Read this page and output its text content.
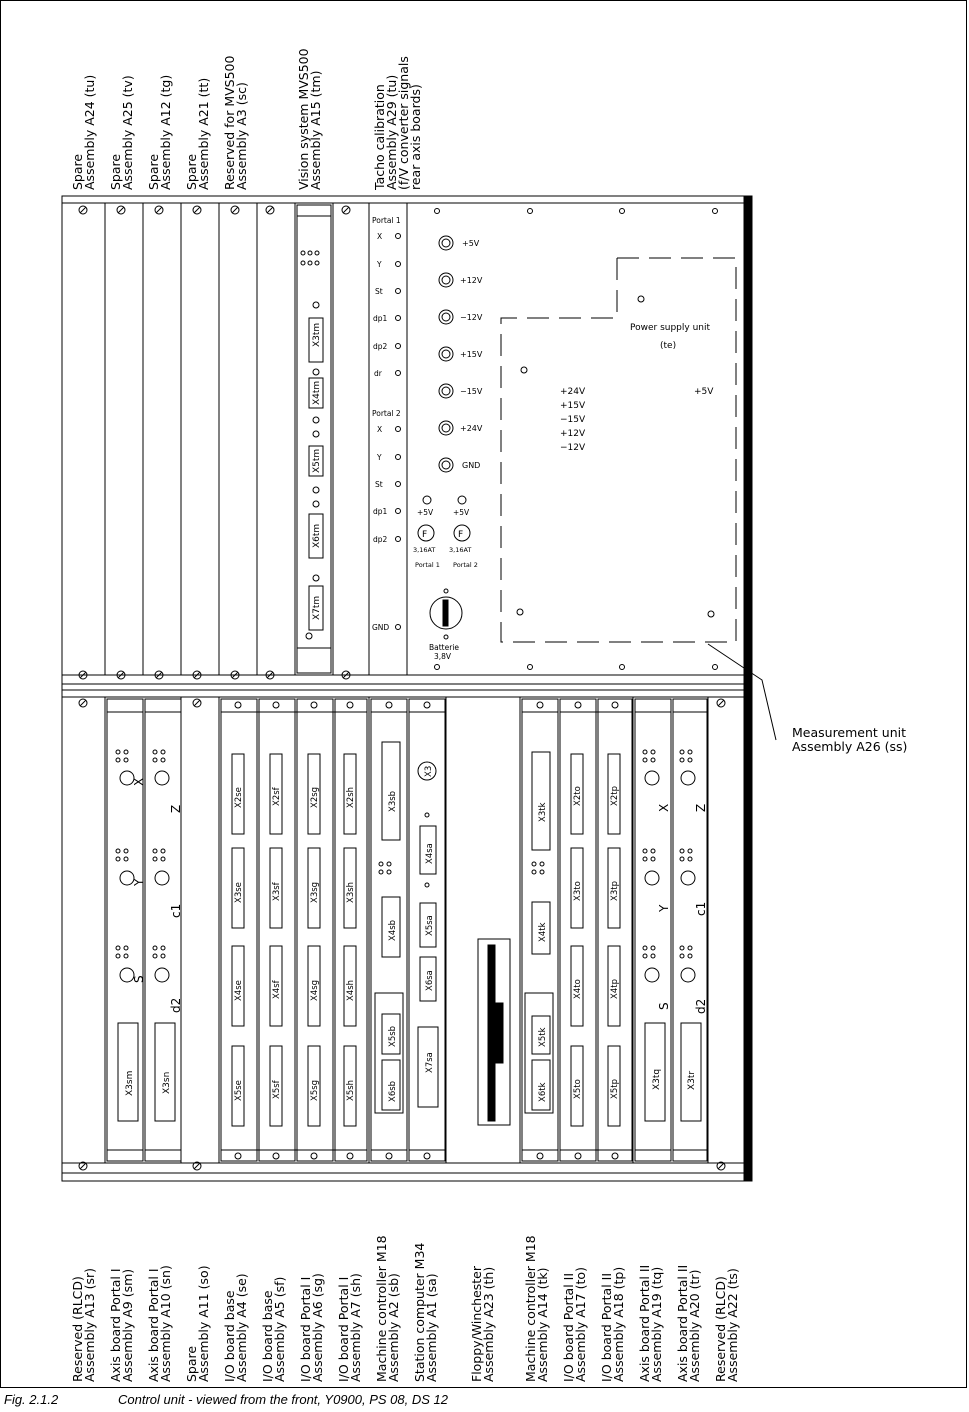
SpareAssembly A24 (tu) SpareAssembly A25 (tv) SpareAssembly A12 (tg) SpareAssembly A21 (tt) Reserved for MVS500Assembly A3 (sc)	Vision system MVS500Assembly A15 (tm)	Tacho calibrationAssembly A29 (tu)(f/V converter signalsrear axis boards)
X3tm
X4tm
X5tm
X6tm
X7tm
Portal 1
X
Y
St
dp1
dp2
dr
Portal 2
X
Y
St
dp1
dp2
GND
+5V
+12V
−12V
+15V
−15V
+24V
GND
+5V	+5V
F	F
3,16AT 3,16AT
Portal 1 Portal 2
Batterie
3,8V
Power supply unit
(te)
+24V
+15V
−15V
+12V
−12V
+5V
Measurement unit
Assembly A26 (ss)
X3sm
X
Y
S
X3sn
Z
c1
d2
X2se
X3se
X4se
X5se
X2sf
X3sf
X4sf
X5sf
X2sg
X3sg
X4sg
X5sg
X2sh
X3sh
X4sh
X5sh
X3sb
X4sb
X5sb
X6sb
X3
X4sa
X5sa
X6sa
X7sa
X3tk
X4tk
X5tk
X6tk
X2to
X3to
X4to
X5to
X2tp
X3tp
X4tp
X5tp	X3tq
X
Y
S
X3tr
Z
c1
d2
Reserved (RLCD)Assembly A13 (sr) Axis board Portal IAssembly A9 (sm) Axis board Portal IAssembly A10 (sn) SpareAssembly A11 (so) I/O board baseAssembly A4 (se) I/O board baseAssembly A5 (sf) I/O board Portal IAssembly A6 (sg) I/O board Portal IAssembly A7 (sh) Machine controller M18Assembly A2 (sb) Station computer M34Assembly A1 (sa) Floppy/WinchesterAssembly A23 (th) Machine controller M18Assembly A14 (tk) I/O board Portal IIAssembly A17 (to) I/O board Portal IIAssembly A18 (tp) Axis board Portal IIAssembly A19 (tq) Axis board Portal IIAssembly A20 (tr) Reserved (RLCD)Assembly A22 (ts)
Fig. 2.1.2	Control unit - viewed from the front, Y0900, PS 08, DS 12
